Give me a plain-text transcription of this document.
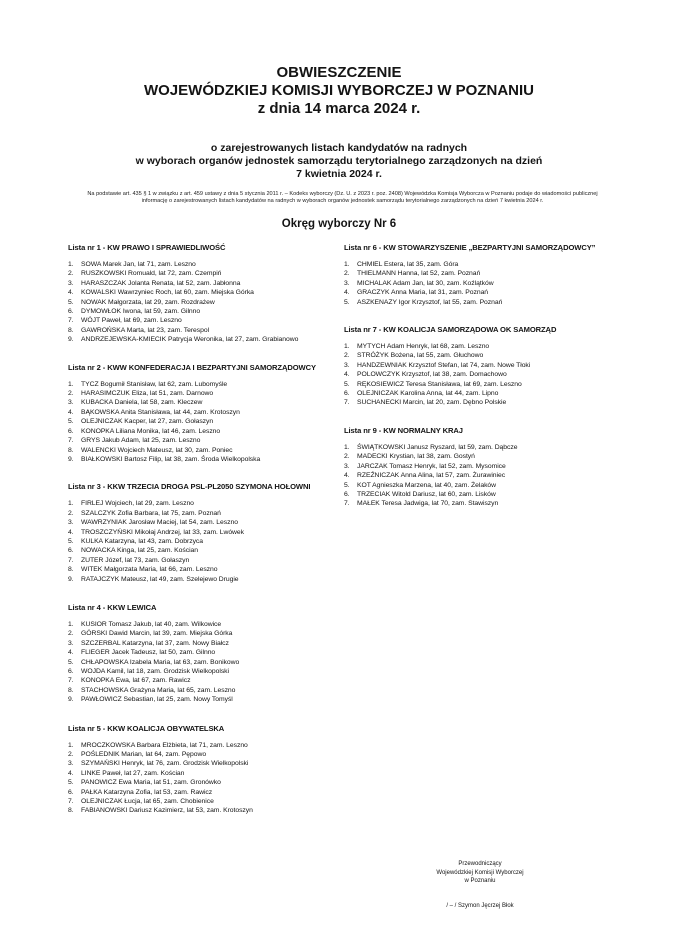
OBWIESZCZENIE
WOJEWÓDZKIEJ KOMISJI WYBORCZEJ W POZNANIU
z dnia 14 marca 2024 r.
o zarejestrowanych listach kandydatów na radnych
w wyborach organów jednostek samorządu terytorialnego zarządzonych na dzień
7 kwietnia 2024 r.
Na podstawie art. 435 § 1 w związku z art. 459 ustawy z dnia 5 stycznia 2011 r. – Kodeks wyborczy (Dz. U. z 2023 r. poz. 2408) Wojewódzka Komisja Wyborcza w Poznaniu podaje do wiadomości publicznej informację o zarejestrowanych listach kandydatów na radnych w wyborach organów jednostek samorządu terytorialnego zarządzonych na dzień 7 kwietnia 2024 r.
Okręg wyborczy Nr 6
Lista nr 1 - KW PRAWO I SPRAWIEDLIWOŚĆ
1.	SOWA Marek Jan, lat 71, zam. Leszno
2.	RUSZKOWSKI Romuald, lat 72, zam. Czempiń
3.	HARASZCZAK Jolanta Renata, lat 52, zam. Jabłonna
4.	KOWALSKI Wawrzyniec Roch, lat 60, zam. Miejska Górka
5.	NOWAK Małgorzata, lat 29, zam. Rozdrażew
6.	DYMOWŁOK Iwona, lat 59, zam. Gilnno
7.	WÓJT Paweł, lat 69, zam. Leszno
8.	GAWROŃSKA Marta, lat 23, zam. Terespol
9.	ANDRZEJEWSKA-KMIECIK Patrycja Weronika, lat 27, zam. Grabianowo
Lista nr 2 - KWW KONFEDERACJA I BEZPARTYJNI SAMORZĄDOWCY
1.	TYCZ Bogumił Stanisław, lat 62, zam. Lubomyśle
2.	HARASIMCZUK Eliza, lat 51, zam. Darnowo
3.	KUBACKA Daniela, lat 58, zam. Kleczew
4.	BĄKOWSKA Anita Stanisława, lat 44, zam. Krotoszyn
5.	OLEJNICZAK Kacper, lat 27, zam. Gołaszyn
6.	KONOPKA Liliana Monika, lat 46, zam. Leszno
7.	GRYS Jakub Adam, lat 25, zam. Leszno
8.	WALENCKI Wojciech Mateusz, lat 30, zam. Poniec
9.	BIAŁKOWSKI Bartosz Filip, lat 38, zam. Środa Wielkopolska
Lista nr 3 - KKW TRZECIA DROGA PSL-PL2050 SZYMONA HOŁOWNI
1.	FIRLEJ Wojciech, lat 29, zam. Leszno
2.	SZALCZYK Zofia Barbara, lat 75, zam. Poznań
3.	WAWRZYNIAK Jarosław Maciej, lat 54, zam. Leszno
4.	TROSZCZYŃSKI Mikołaj Andrzej, lat 33, zam. Lwówek
5.	KULKA Katarzyna, lat 43, zam. Dobrzyca
6.	NOWACKA Kinga, lat 25, zam. Kościan
7.	ZUTER Józef, lat 73, zam. Gołaszyn
8.	WITEK Małgorzata Maria, lat 66, zam. Leszno
9.	RATAJCZYK Mateusz, lat 49, zam. Szelejewo Drugie
Lista nr 4 - KKW LEWICA
1.	KUSIOR Tomasz Jakub, lat 40, zam. Wilkowice
2.	GÓRSKI Dawid Marcin, lat 39, zam. Miejska Górka
3.	SZCZERBAL Katarzyna, lat 37, zam. Nowy Białcz
4.	FLIEGER Jacek Tadeusz, lat 50, zam. Gilnno
5.	CHŁAPOWSKA Izabela Maria, lat 63, zam. Bonikowo
6.	WOJDA Kamil, lat 18, zam. Grodzisk Wielkopolski
7.	KONOPKA Ewa, lat 67, zam. Rawicz
8.	STACHOWSKA Grażyna Maria, lat 65, zam. Leszno
9.	PAWŁOWICZ Sebastian, lat 25, zam. Nowy Tomyśl
Lista nr 5 - KKW KOALICJA OBYWATELSKA
1.	MROCZKOWSKA Barbara Elżbieta, lat 71, zam. Leszno
2.	POŚLEDNIK Marian, lat 64, zam. Pępowo
3.	SZYMAŃSKI Henryk, lat 76, zam. Grodzisk Wielkopolski
4.	LINKE Paweł, lat 27, zam. Kościan
5.	PANOWICZ Ewa Maria, lat 51, zam. Gronówko
6.	PAŁKA Katarzyna Zofia, lat 53, zam. Rawicz
7.	OLEJNICZAK Łucja, lat 65, zam. Chobienice
8.	FABIANOWSKI Dariusz Kazimierz, lat 53, zam. Krotoszyn
Lista nr 6 - KW STOWARZYSZENIE „BEZPARTYJNI SAMORZĄDOWCY”
1.	CHMIEL Estera, lat 35, zam. Góra
2.	THIELMANN Hanna, lat 52, zam. Poznań
3.	MICHALAK Adam Jan, lat 30, zam. Koźlątków
4.	GRACZYK Anna Maria, lat 31, zam. Poznań
5.	ASZKENAZY Igor Krzysztof, lat 55, zam. Poznań
Lista nr 7 - KW KOALICJA SAMORZĄDOWA OK SAMORZĄD
1.	MYTYCH Adam Henryk, lat 68, zam. Leszno
2.	STRÓŻYK Bożena, lat 55, zam. Głuchowo
3.	HANDZEWNIAK Krzysztof Stefan, lat 74, zam. Nowe Tłoki
4.	POLOWCZYK Krzysztof, lat 38, zam. Domachowo
5.	RĘKOSIEWICZ Teresa Stanisława, lat 69, zam. Leszno
6.	OLEJNICZAK Karolina Anna, lat 44, zam. Lipno
7.	SUCHANECKI Marcin, lat 20, zam. Dębno Polskie
Lista nr 9 - KW NORMALNY KRAJ
1.	ŚWIĄTKOWSKI Janusz Ryszard, lat 59, zam. Dąbcze
2.	MADECKI Krystian, lat 38, zam. Gostyń
3.	JARCZAK Tomasz Henryk, lat 52, zam. Mysomice
4.	RZEŹNICZAK Anna Alina, lat 57, zam. Żurawiniec
5.	KOT Agnieszka Marzena, lat 40, zam. Żelaków
6.	TRZECIAK Witold Dariusz, lat 60, zam. Lisków
7.	MAŁEK Teresa Jadwiga, lat 70, zam. Stawiszyn
Przewodniczący
Wojewódzkiej Komisji Wyborczej
w Poznaniu
/ – / Szymon Jęcrzej Błok
